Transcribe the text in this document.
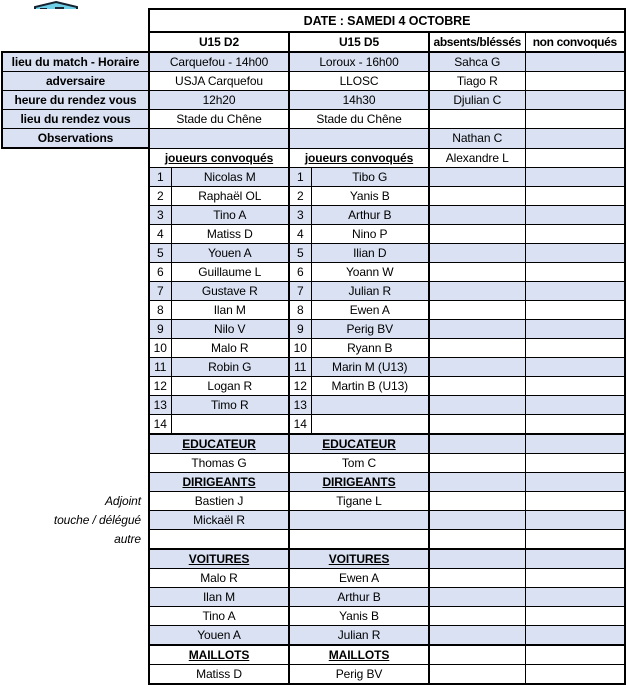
	DATE : SAMEDI 4 OCTOBRE					
	U15 D2		U15 D5		absents/bléssés	non convoqués
lieu du match - Horaire	Carquefou - 14h00		Loroux - 16h00		Sahca G	
adversaire	USJA Carquefou		LLOSC		Tiago R	
heure du rendez vous	12h20		14h30		Djulian C	
lieu du rendez vous	Stade du Chêne		Stade du Chêne			
Observations					Nathan C	
	joueurs convoqués		joueurs convoqués		Alexandre L	
	1	Nicolas M	1	Tibo G		
	2	Raphaël OL	2	Yanis B		
	3	Tino A	3	Arthur B		
	4	Matiss D	4	Nino P		
	5	Youen A	5	Ilian D		
	6	Guillaume L	6	Yoann W		
	7	Gustave R	7	Julian R		
	8	Ilan M	8	Ewen A		
	9	Nilo V	9	Perig BV		
	10	Malo R	10	Ryann B		
	11	Robin G	11	Marin M (U13)		
	12	Logan R	12	Martin B (U13)		
	13	Timo R	13			
	14		14			
	EDUCATEUR		EDUCATEUR			
	Thomas G		Tom C			
	DIRIGEANTS		DIRIGEANTS			
Adjoint	Bastien J		Tigane L			
touche / délégué	Mickaël R					
autre						
	VOITURES		VOITURES			
	Malo R		Ewen A			
	Ilan M		Arthur B			
	Tino A		Yanis B			
	Youen A		Julian R			
	MAILLOTS		MAILLOTS			
	Matiss D		Perig BV			
